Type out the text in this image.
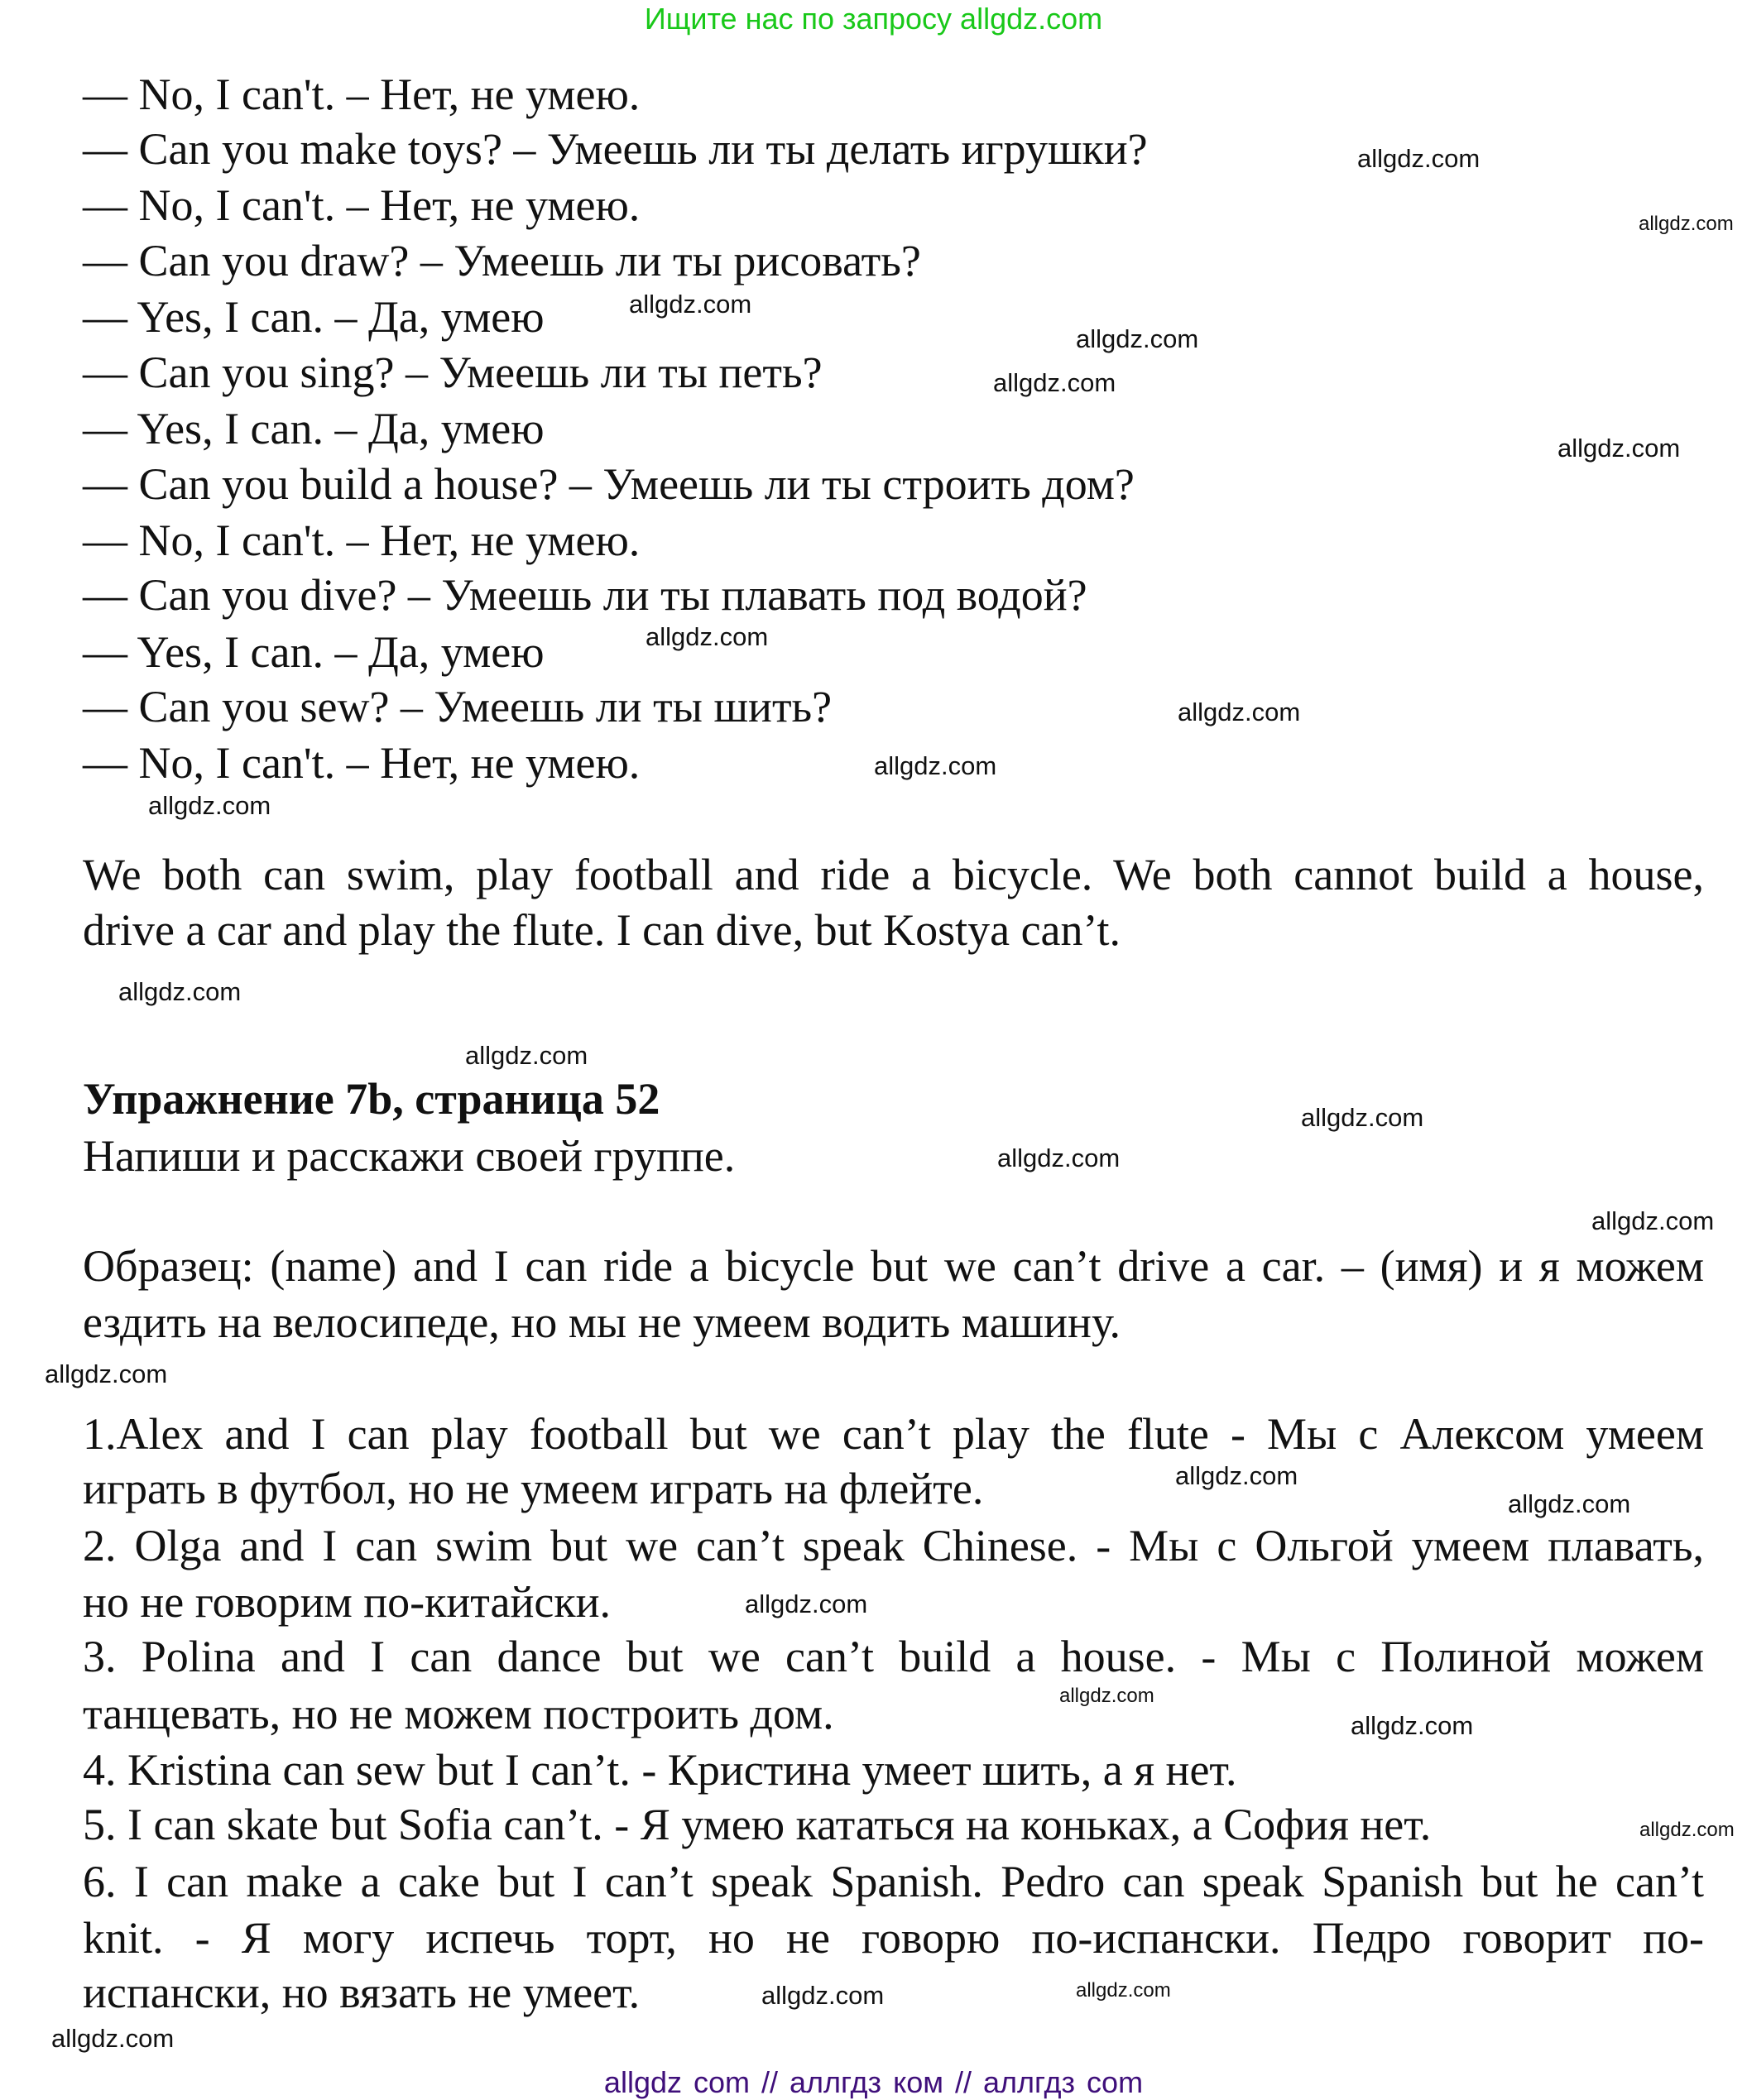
Ищите нас по запросу allgdz.com
— No, I can't. – Нет, не умею.
— Can you make toys? – Умеешь ли ты делать игрушки?
— No, I can't. – Нет, не умею.
— Can you draw? – Умеешь ли ты рисовать?
— Yes, I can. – Да, умею
— Can you sing? – Умеешь ли ты петь?
— Yes, I can. – Да, умею
— Can you build a house? – Умеешь ли ты строить дом?
— No, I can't. – Нет, не умею.
— Can you dive? – Умеешь ли ты плавать под водой?
— Yes, I can. – Да, умею
— Can you sew? – Умеешь ли ты шить?
— No, I can't. – Нет, не умею.
We both can swim, play football and ride a bicycle. We both cannot build a house,
drive a car and play the flute. I can dive, but Kostya can’t.
Упражнение 7b, страница 52
Напиши и расскажи своей группе.
Образец: (name) and I can ride a bicycle but we can’t drive a car. – (имя) и я можем
ездить на велосипеде, но мы не умеем водить машину.
1.Alex and I can play football but we can’t play the flute - Мы с Алексом умеем
играть в футбол, но не умеем играть на флейте.
2. Olga and I can swim but we can’t speak Chinese. - Мы с Ольгой умеем плавать,
но не говорим по-китайски.
3. Polina and I can dance but we can’t build a house. - Мы с Полиной можем
танцевать, но не можем построить дом.
4. Kristina can sew but I can’t. - Кристина умеет шить, а я нет.
5. I can skate but Sofia can’t. - Я умею кататься на коньках, а София нет.
6. I can make a cake but I can’t speak Spanish. Pedro can speak Spanish but he can’t
knit. - Я могу испечь торт, но не говорю по-испански. Педро говорит по-
испански, но вязать не умеет.
allgdz.com
allgdz.com
allgdz.com
allgdz.com
allgdz.com
allgdz.com
allgdz.com
allgdz.com
allgdz.com
allgdz.com
allgdz.com
allgdz.com
allgdz.com
allgdz.com
allgdz.com
allgdz.com
allgdz.com
allgdz.com
allgdz.com
allgdz.com
allgdz.com
allgdz.com
allgdz.com
allgdz.com
allgdz.com
allgdz com // аллгдз ком // аллгдз com
